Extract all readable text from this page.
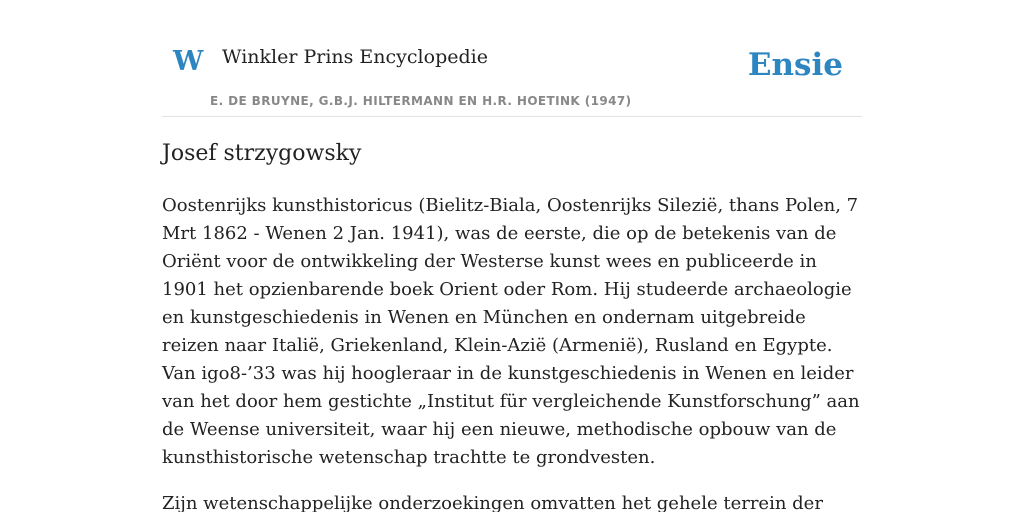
W Winkler Prins Encyclopedie
E. DE BRUYNE, G.B.J. HILTERMANN EN H.R. HOETINK (1947)
Ensie
Josef strzygowsky

Oostenrijks kunsthistoricus (Bielitz-Biala, Oostenrijks Silezië, thans Polen, 7 Mrt 1862 - Wenen 2 Jan. 1941), was de eerste, die op de betekenis van de Oriënt voor de ontwikkeling der Westerse kunst wees en publiceerde in 1901 het opzienbarende boek Orient oder Rom. Hij studeerde archaeologie en kunstgeschiedenis in Wenen en München en ondernam uitgebreide reizen naar Italië, Griekenland, Klein-Azië (Armenië), Rusland en Egypte. Van igo8-’33 was hij hoogleraar in de kunstgeschiedenis in Wenen en leider van het door hem gestichte „Institut für vergleichende Kunstforschung” aan de Weense universiteit, waar hij een nieuwe, methodische opbouw van de kunsthistorische wetenschap trachtte te grondvesten.

Zijn wetenschappelijke onderzoekingen omvatten het gehele terrein der
